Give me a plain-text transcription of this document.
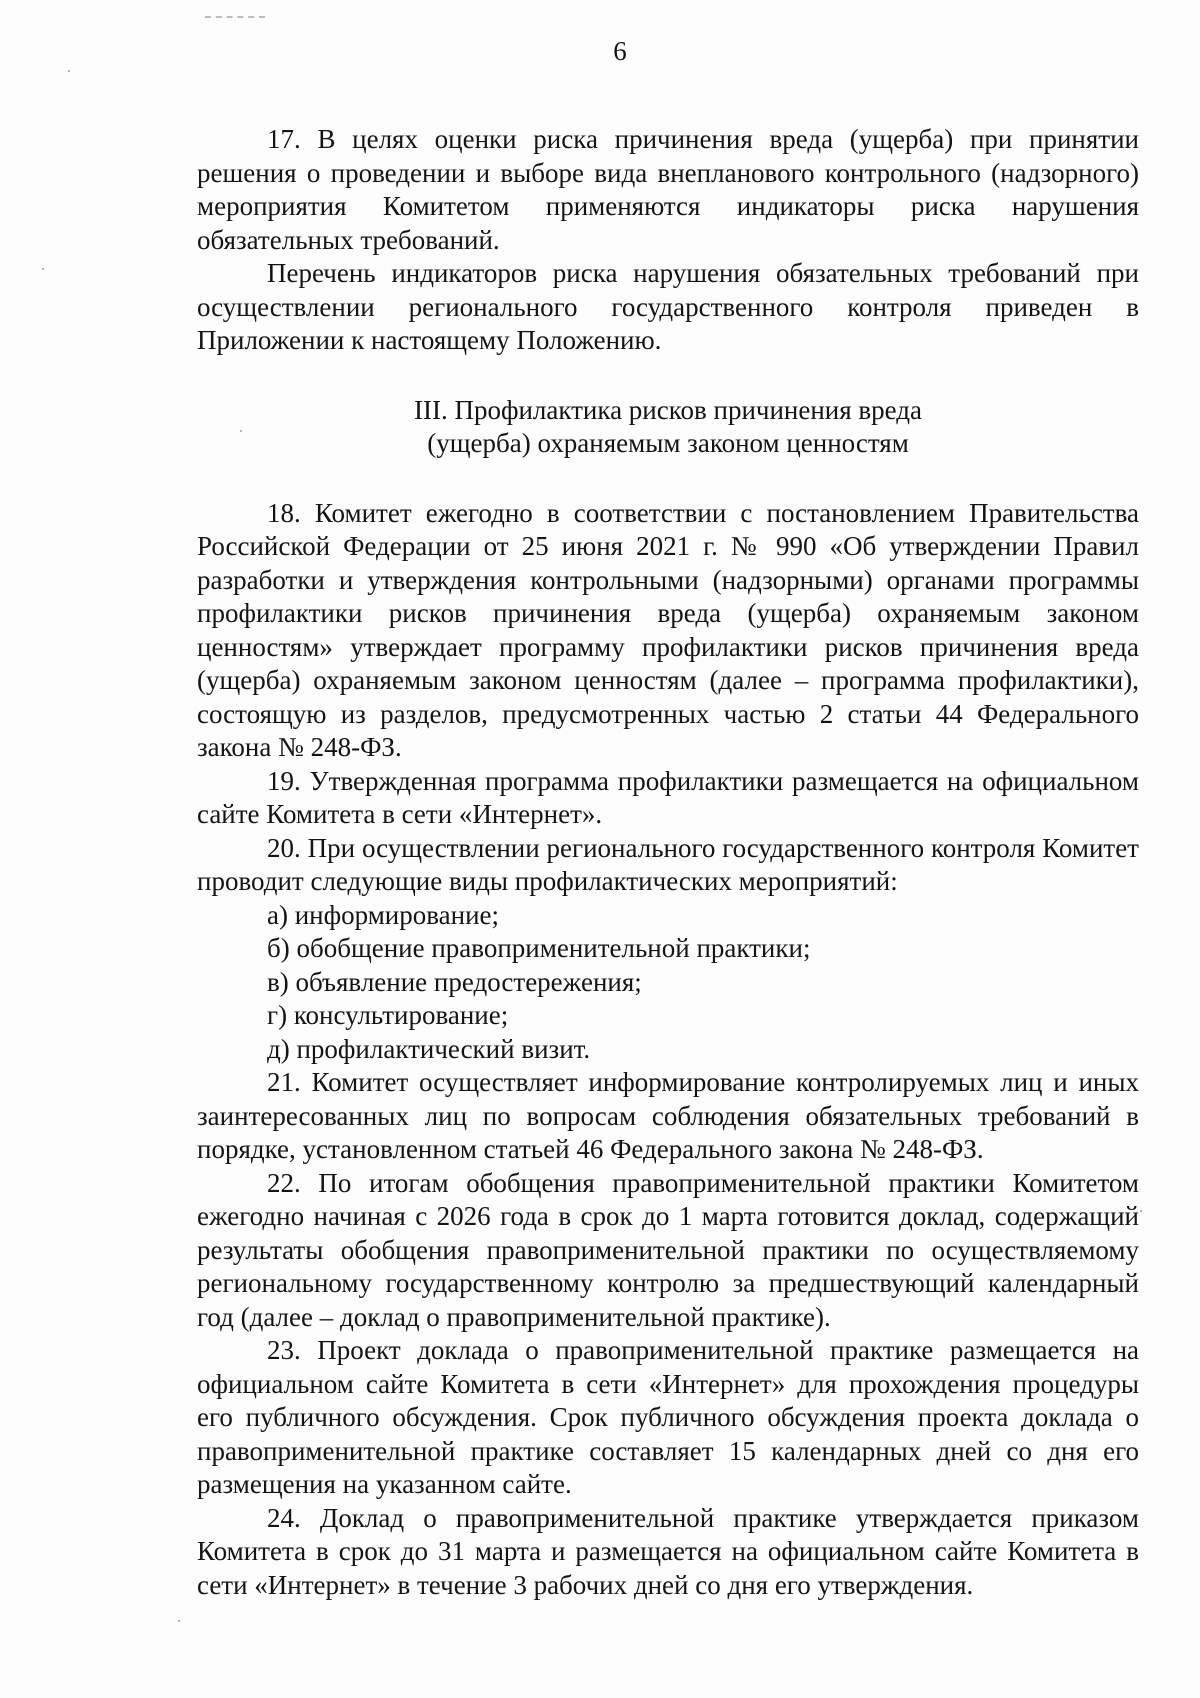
6

17. В целях оценки риска причинения вреда (ущерба) при принятии решения о проведении и выборе вида внепланового контрольного (надзорного) мероприятия Комитетом применяются индикаторы риска нарушения обязательных требований.

Перечень индикаторов риска нарушения обязательных требований при осуществлении регионального государственного контроля приведен в Приложении к настоящему Положению.

III. Профилактика рисков причинения вреда
(ущерба) охраняемым законом ценностям

18. Комитет ежегодно в соответствии с постановлением Правительства Российской Федерации от 25 июня 2021 г. № 990 «Об утверждении Правил разработки и утверждения контрольными (надзорными) органами программы профилактики рисков причинения вреда (ущерба) охраняемым законом ценностям» утверждает программу профилактики рисков причинения вреда (ущерба) охраняемым законом ценностям (далее – программа профилактики), состоящую из разделов, предусмотренных частью 2 статьи 44 Федерального закона № 248-ФЗ.

19. Утвержденная программа профилактики размещается на официальном сайте Комитета в сети «Интернет».

20. При осуществлении регионального государственного контроля Комитет проводит следующие виды профилактических мероприятий:

а) информирование;

б) обобщение правоприменительной практики;

в) объявление предостережения;

г) консультирование;

д) профилактический визит.

21. Комитет осуществляет информирование контролируемых лиц и иных заинтересованных лиц по вопросам соблюдения обязательных требований в порядке, установленном статьей 46 Федерального закона № 248-ФЗ.

22. По итогам обобщения правоприменительной практики Комитетом ежегодно начиная с 2026 года в срок до 1 марта готовится доклад, содержащий результаты обобщения правоприменительной практики по осуществляемому региональному государственному контролю за предшествующий календарный год (далее – доклад о правоприменительной практике).

23. Проект доклада о правоприменительной практике размещается на официальном сайте Комитета в сети «Интернет» для прохождения процедуры его публичного обсуждения. Срок публичного обсуждения проекта доклада о правоприменительной практике составляет 15 календарных дней со дня его размещения на указанном сайте.

24. Доклад о правоприменительной практике утверждается приказом Комитета в срок до 31 марта и размещается на официальном сайте Комитета в сети «Интернет» в течение 3 рабочих дней со дня его утверждения.
